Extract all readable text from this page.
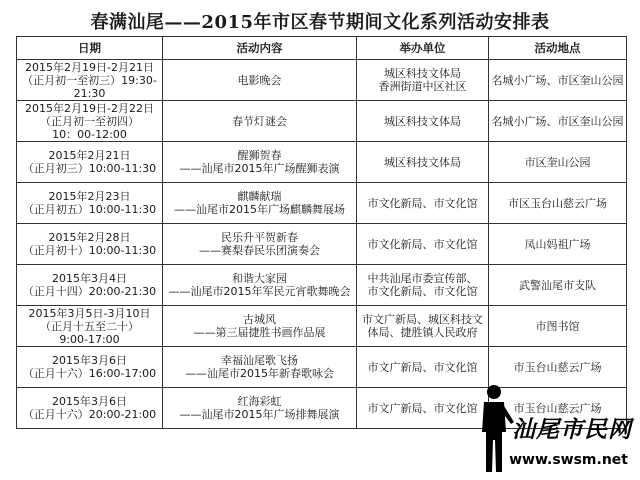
春满汕尾——2015年市区春节期间文化系列活动安排表
日期	活动内容	举办单位	活动地点

2015年2月19日-2月21日
（正月初一至初三）19:30-
21:30	电影晚会	城区科技文体局
香洲街道中区社区	名城小广场、市区奎山公园

2015年2月19日-2月22日
（正月初一至初四）
10：00-12:00	春节灯谜会	城区科技文体局	名城小广场、市区奎山公园

2015年2月21日
（正月初三）10:00-11:30	醒狮贺春
——汕尾市2015年广场醒狮表演	城区科技文体局	市区奎山公园

2015年2月23日
（正月初五）10:00-11:30	麒麟献瑞
——汕尾市2015年广场麒麟舞展场	市文化新局、市文化馆	市区玉台山慈云广场

2015年2月28日
（正月初十）10:00-11:30	民乐升平贺新春
——赛梨春民乐团演奏会	市文化新局、市文化馆	凤山妈祖广场

2015年3月4日
（正月十四）20:00-21:30	和谐大家园
——汕尾市2015年军民元宵歌舞晚会	中共汕尾市委宣传部、
市文化新局、市文化馆	武警汕尾市支队

2015年3月5日-3月10日
（正月十五至二十）
9:00-17:00	古城风
——第三届捷胜书画作品展	市文广新局、城区科技文
体局、捷胜镇人民政府	市图书馆

2015年3月6日
（正月十六）16:00-17:00	幸福汕尾歌飞扬
——汕尾市2015年新春歌咏会	市文广新局、市文化馆	市玉台山慈云广场

2015年3月6日
（正月十六）20:00-21:00	红海彩虹
——汕尾市2015年广场排舞展演	市文广新局、市文化馆	市玉台山慈云广场
汕尾市民网
www.swsm.net
